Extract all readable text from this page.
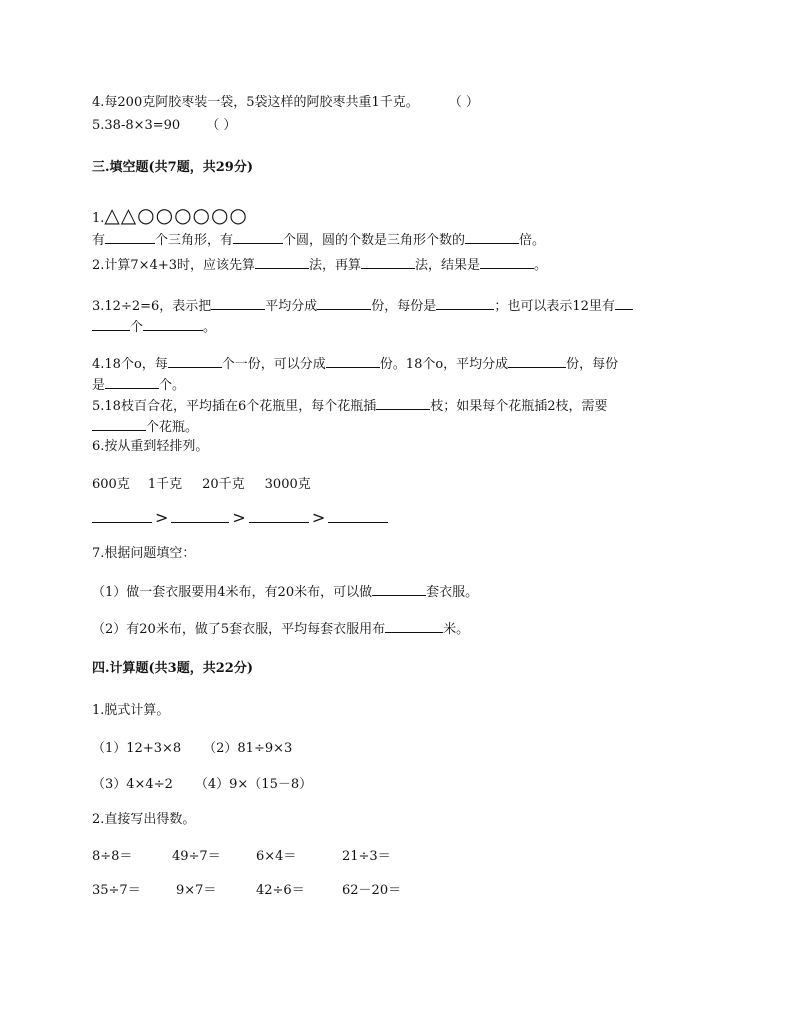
4.每200克阿胶枣装一袋，5袋这样的阿胶枣共重1千克。 （ ）
5.38-8×3=90 （ ）
三.填空题(共7题，共29分)
1.△△○○○○○○
有	个三角形，有	个圆，圆的个数是三角形个数的	倍。
2.计算7×4+3时，应该先算	法，再算	法，结果是	。
3.12÷2=6，表示把	平均分成	份，每份是	；也可以表示12里有
个	。
4.18个o，每	个一份，可以分成	份。18个o，平均分成	份，每份
是	个。
5.18枝百合花，平均插在6个花瓶里，每个花瓶插	枝；如果每个花瓶插2枝，需要
个花瓶。
6.按从重到轻排列。
600克 1千克 20千克 3000克
>	>	>
7.根据问题填空：
（1）做一套衣服要用4米布，有20米布，可以做	套衣服。
（2）有20米布，做了5套衣服，平均每套衣服用布	米。
四.计算题(共3题，共22分)
1.脱式计算。
（1）12+3×8 （2）81÷9×3
（3）4×4÷2 （4）9×（15－8）
2.直接写出得数。
8÷8＝	49÷7＝	6×4＝	21÷3＝
35÷7＝	9×7＝	42÷6＝	62－20＝
